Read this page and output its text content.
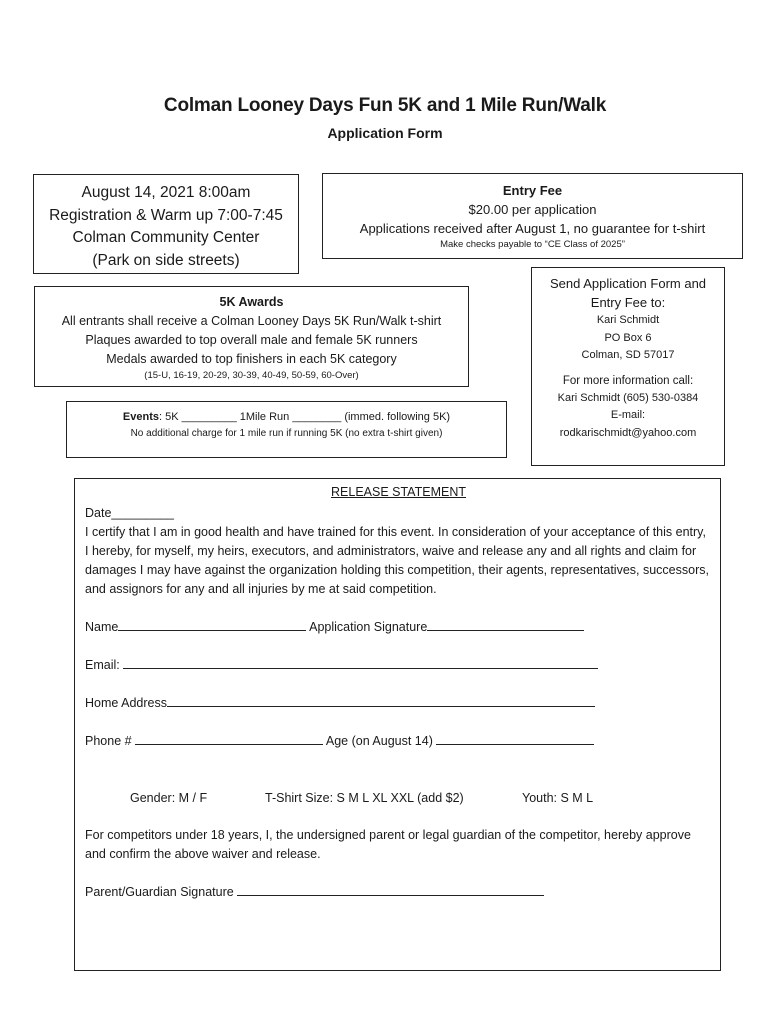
Colman Looney Days Fun 5K and 1 Mile Run/Walk
Application Form
August 14, 2021 8:00am
Registration & Warm up 7:00-7:45
Colman Community Center
(Park on side streets)
Entry Fee
$20.00 per application
Applications received after August 1, no guarantee for t-shirt
Make checks payable to “CE Class of 2025”
Send Application Form and
Entry Fee to:
Kari Schmidt
PO Box 6
Colman, SD 57017
For more information call:
Kari Schmidt (605) 530-0384
E-mail:
rodkarischmidt@yahoo.com
5K Awards
All entrants shall receive a Colman Looney Days 5K Run/Walk t-shirt
Plaques awarded to top overall male and female 5K runners
Medals awarded to top finishers in each 5K category
(15-U, 16-19, 20-29, 30-39, 40-49, 50-59, 60-Over)
Events: 5K _________ 1Mile Run ________ (immed. following 5K)
No additional charge for 1 mile run if running 5K (no extra t-shirt given)
RELEASE STATEMENT
Date_________
I certify that I am in good health and have trained for this event. In consideration of your acceptance of this entry, I hereby, for myself, my heirs, executors, and administrators, waive and release any and all rights and claim for damages I may have against the organization holding this competition, their agents, representatives, successors, and assignors for any and all injuries by me at said competition.
Name	Application Signature
Email:
Home Address
Phone #	Age (on August 14)
Gender: M / F	T-Shirt Size: S M L XL XXL (add $2)	Youth: S M L
For competitors under 18 years, I, the undersigned parent or legal guardian of the competitor, hereby approve and confirm the above waiver and release.
Parent/Guardian Signature
